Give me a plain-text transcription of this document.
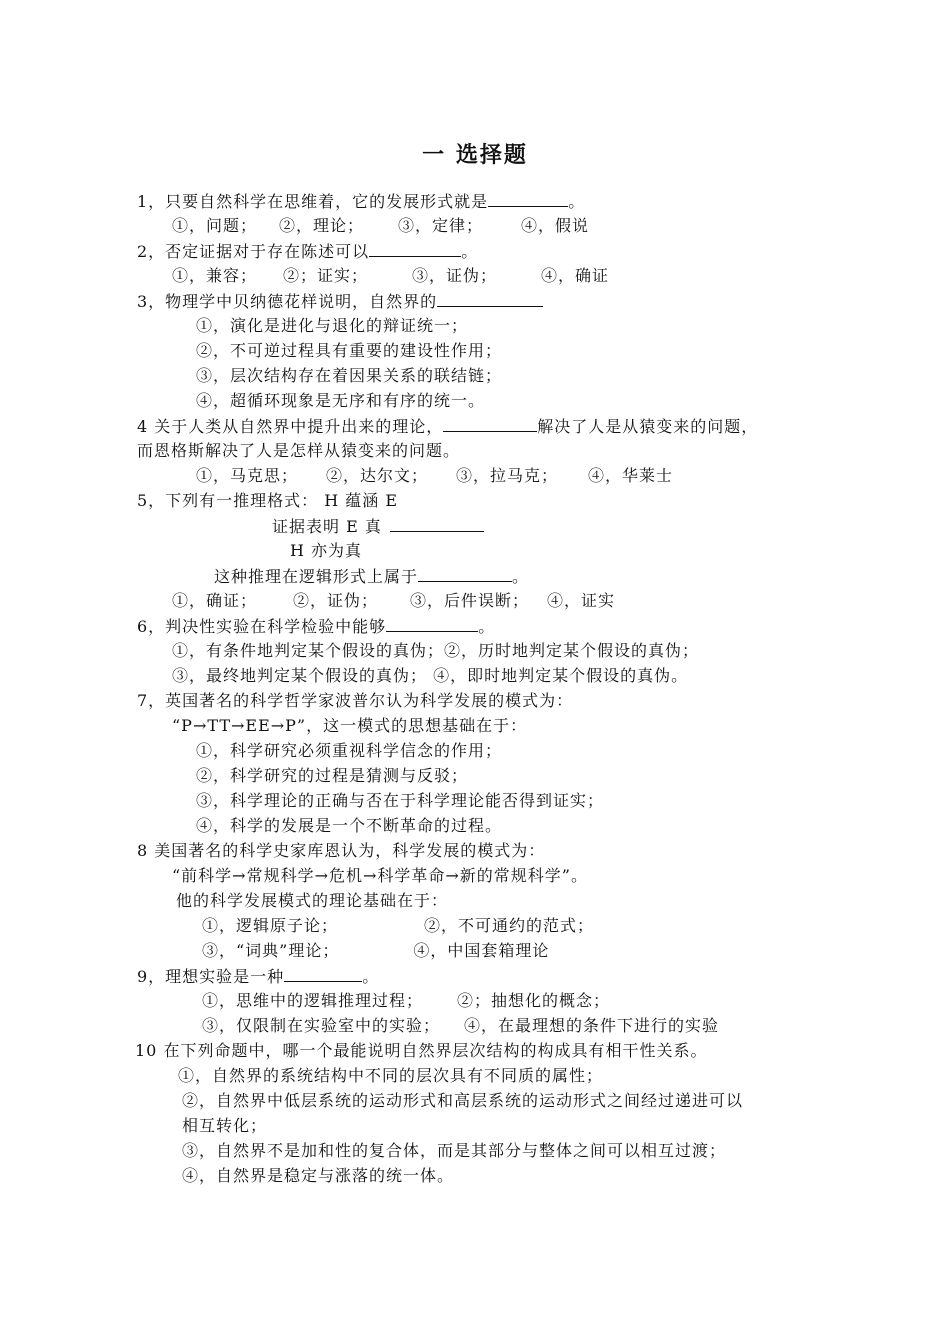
一 选择题
1，只要自然科学在思维着，它的发展形式就是	。
①，问题； ②，理论； ③，定律； ④，假说
2，否定证据对于存在陈述可以	。
①，兼容； ②；证实；	③，证伪；	④，确证
3，物理学中贝纳德花样说明，自然界的
①，演化是进化与退化的辩证统一；
②，不可逆过程具有重要的建设性作用；
③，层次结构存在着因果关系的联结链；
④，超循环现象是无序和有序的统一。
4 关于人类从自然界中提升出来的理论，	解决了人是从猿变来的问题，
而恩格斯解决了人是怎样从猿变来的问题。
①，马克思； ②，达尔文； ③，拉马克； ④，华莱士
5，下列有一推理格式： H 蕴涵 E
证据表明 E 真
H 亦为真
这种推理在逻辑形式上属于	。
①，确证； ②，证伪； ③，后件误断； ④，证实
6，判决性实验在科学检验中能够	。
①，有条件地判定某个假设的真伪；②，历时地判定某个假设的真伪；
③，最终地判定某个假设的真伪； ④，即时地判定某个假设的真伪。
7，英国著名的科学哲学家波普尔认为科学发展的模式为：
“P→TT→EE→P”，这一模式的思想基础在于：
①，科学研究必须重视科学信念的作用；
②，科学研究的过程是猜测与反驳；
③，科学理论的正确与否在于科学理论能否得到证实；
④，科学的发展是一个不断革命的过程。
8 美国著名的科学史家库恩认为，科学发展的模式为：
“前科学→常规科学→危机→科学革命→新的常规科学”。
他的科学发展模式的理论基础在于：
①，逻辑原子论；	②，不可通约的范式；
③，“词典”理论；	④，中国套箱理论
9，理想实验是一种	。
①，思维中的逻辑推理过程； ②；抽想化的概念；
③，仅限制在实验室中的实验； ④，在最理想的条件下进行的实验
10 在下列命题中，哪一个最能说明自然界层次结构的构成具有相干性关系。
①，自然界的系统结构中不同的层次具有不同质的属性；
②，自然界中低层系统的运动形式和高层系统的运动形式之间经过递进可以
相互转化；
③，自然界不是加和性的复合体，而是其部分与整体之间可以相互过渡；
④，自然界是稳定与涨落的统一体。
